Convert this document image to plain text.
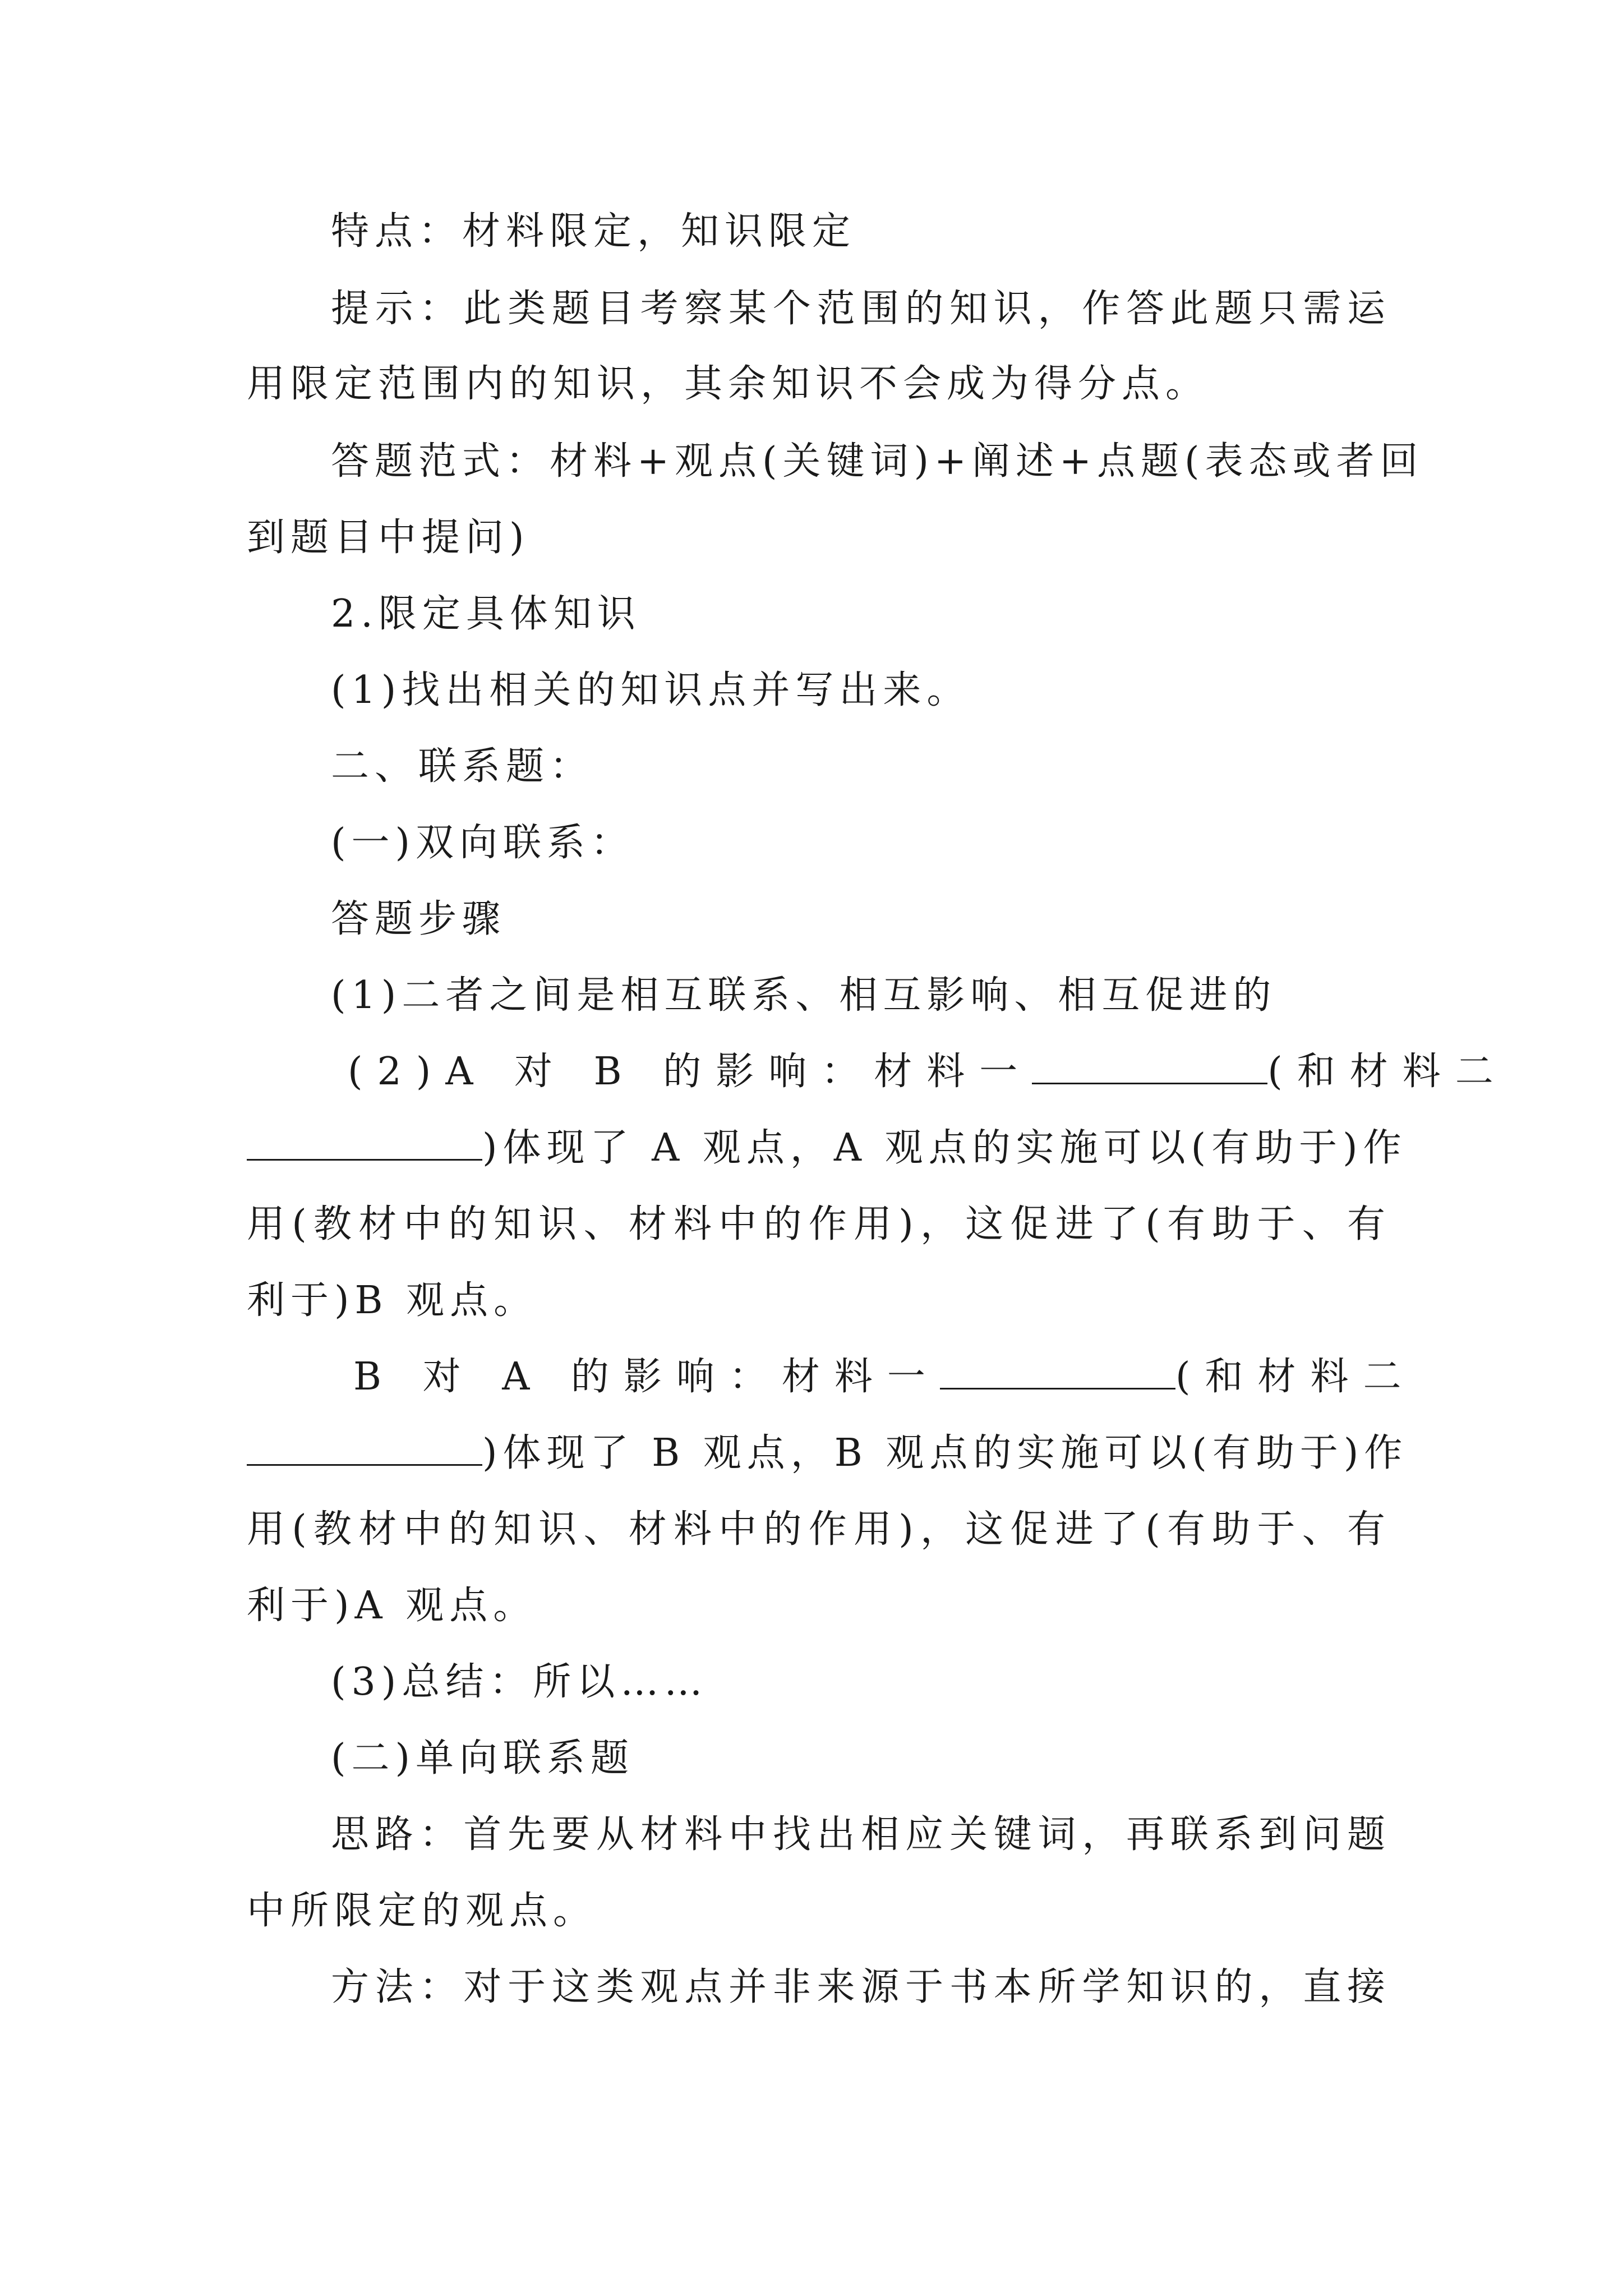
特点：材料限定，知识限定
提示：此类题目考察某个范围的知识，作答此题只需运
用限定范围内的知识，其余知识不会成为得分点。
答题范式：材料+观点(关键词)+阐述+点题(表态或者回
到题目中提问)
2.限定具体知识
(1)找出相关的知识点并写出来。
二、联系题：
(一)双向联系：
答题步骤
(1)二者之间是相互联系、相互影响、相互促进的
(2)A 对 B 的影响：材料一	(和材料二
)体现了 A 观点，A 观点的实施可以(有助于)作
用(教材中的知识、材料中的作用)，这促进了(有助于、有
利于)B 观点。
B 对 A 的影响：材料一	(和材料二
)体现了 B 观点，B 观点的实施可以(有助于)作
用(教材中的知识、材料中的作用)，这促进了(有助于、有
利于)A 观点。
(3)总结：所以……
(二)单向联系题
思路：首先要从材料中找出相应关键词，再联系到问题
中所限定的观点。
方法：对于这类观点并非来源于书本所学知识的，直接
